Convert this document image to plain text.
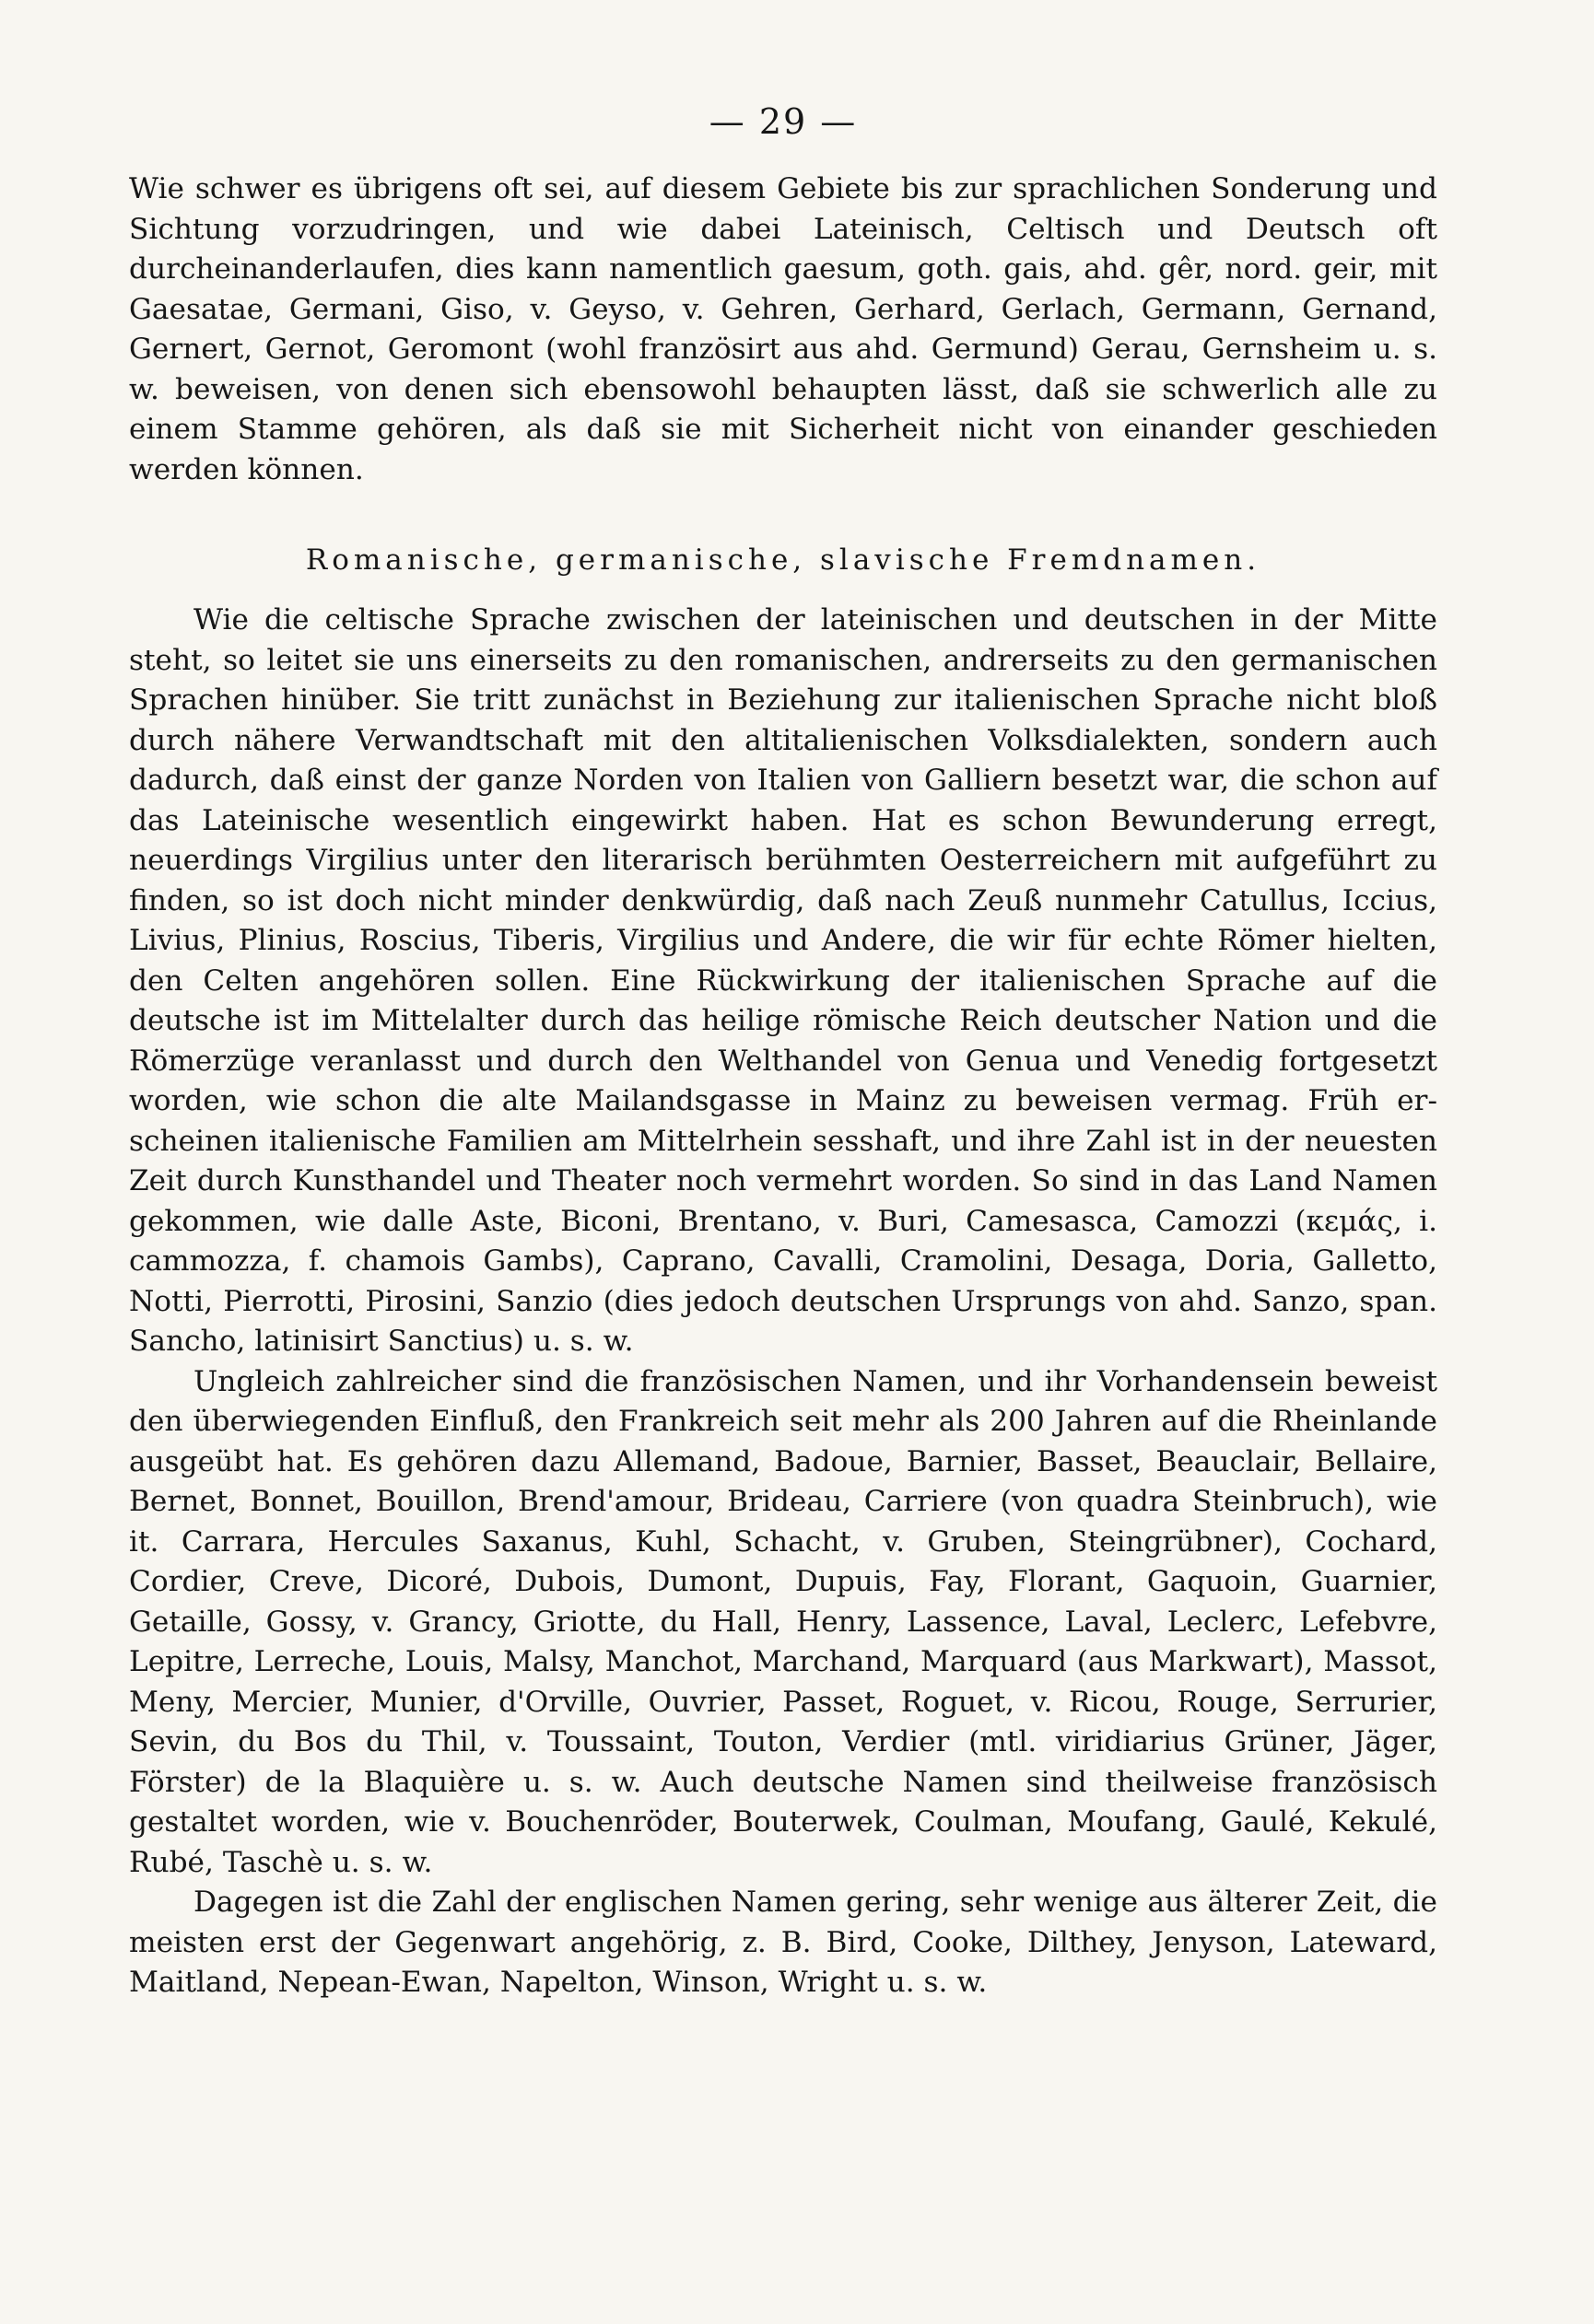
— 29 —

Wie schwer es übrigens oft sei, auf diesem Gebiete bis zur sprachlichen Sonderung und Sichtung vorzudringen, und wie dabei Lateinisch, Celtisch und Deutsch oft durcheinanderlaufen, dies kann namentlich gaesum, goth. gais, ahd. gêr, nord. geir, mit Gaesatae, Germani, Giso, v. Geyso, v. Gehren, Gerhard, Gerlach, Germann, Gernand, Gernert, Gernot, Geromont (wohl französirt aus ahd. Germund) Gerau, Gernsheim u. s. w. beweisen, von denen sich ebensowohl behaupten lässt, daß sie schwerlich alle zu einem Stamme gehören, als daß sie mit Sicherheit nicht von einander geschieden werden können.

Romanische, germanische, slavische Fremdnamen.

Wie die celtische Sprache zwischen der lateinischen und deutschen in der Mitte steht, so leitet sie uns einerseits zu den romanischen, andrerseits zu den germanischen Sprachen hinüber. Sie tritt zunächst in Beziehung zur italienischen Sprache nicht bloß durch nähere Verwandtschaft mit den altitalienischen Volksdialekten, sondern auch dadurch, daß einst der ganze Norden von Italien von Galliern besetzt war, die schon auf das Lateinische wesentlich eingewirkt haben. Hat es schon Bewunderung erregt, neuerdings Virgilius unter den literarisch berühmten Oesterreichern mit aufgeführt zu finden, so ist doch nicht minder denkwürdig, daß nach Zeuß nunmehr Catullus, Iccius, Livius, Plinius, Roscius, Tiberis, Virgilius und Andere, die wir für echte Römer hielten, den Celten angehören sollen. Eine Rückwirkung der italienischen Sprache auf die deutsche ist im Mittelalter durch das heilige römische Reich deutscher Nation und die Römerzüge veranlasst und durch den Welthandel von Genua und Venedig fortgesetzt worden, wie schon die alte Mailandsgasse in Mainz zu beweisen vermag. Früh erscheinen italienische Familien am Mittelrhein sesshaft, und ihre Zahl ist in der neuesten Zeit durch Kunsthandel und Theater noch vermehrt worden. So sind in das Land Namen gekommen, wie dalle Aste, Biconi, Brentano, v. Buri, Camesasca, Camozzi (κεμάς, i. cammozza, f. chamois Gambs), Caprano, Cavalli, Cramolini, Desaga, Doria, Galletto, Notti, Pierrotti, Pirosini, Sanzio (dies jedoch deutschen Ursprungs von ahd. Sanzo, span. Sancho, latinisirt Sanctius) u. s. w.

Ungleich zahlreicher sind die französischen Namen, und ihr Vorhandensein beweist den überwiegenden Einfluß, den Frankreich seit mehr als 200 Jahren auf die Rheinlande ausgeübt hat. Es gehören dazu Allemand, Badoue, Barnier, Basset, Beauclair, Bellaire, Bernet, Bonnet, Bouillon, Brend'amour, Brideau, Carriere (von quadra Steinbruch), wie it. Carrara, Hercules Saxanus, Kuhl, Schacht, v. Gruben, Steingrübner), Cochard, Cordier, Creve, Dicoré, Dubois, Dumont, Dupuis, Fay, Florant, Gaquoin, Guarnier, Getaille, Gossy, v. Grancy, Griotte, du Hall, Henry, Lassence, Laval, Leclerc, Lefebvre, Lepitre, Lerreche, Louis, Malsy, Manchot, Marchand, Marquard (aus Markwart), Massot, Meny, Mercier, Munier, d'Orville, Ouvrier, Passet, Roguet, v. Ricou, Rouge, Serrurier, Sevin, du Bos du Thil, v. Toussaint, Touton, Verdier (mtl. viridiarius Grüner, Jäger, Förster) de la Blaquière u. s. w. Auch deutsche Namen sind theilweise französisch gestaltet worden, wie v. Bouchenröder, Bouterwek, Coulman, Moufang, Gaulé, Kekulé, Rubé, Taschè u. s. w.

Dagegen ist die Zahl der englischen Namen gering, sehr wenige aus älterer Zeit, die meisten erst der Gegenwart angehörig, z. B. Bird, Cooke, Dilthey, Jenyson, Lateward, Maitland, Nepean-Ewan, Napelton, Winson, Wright u. s. w.
